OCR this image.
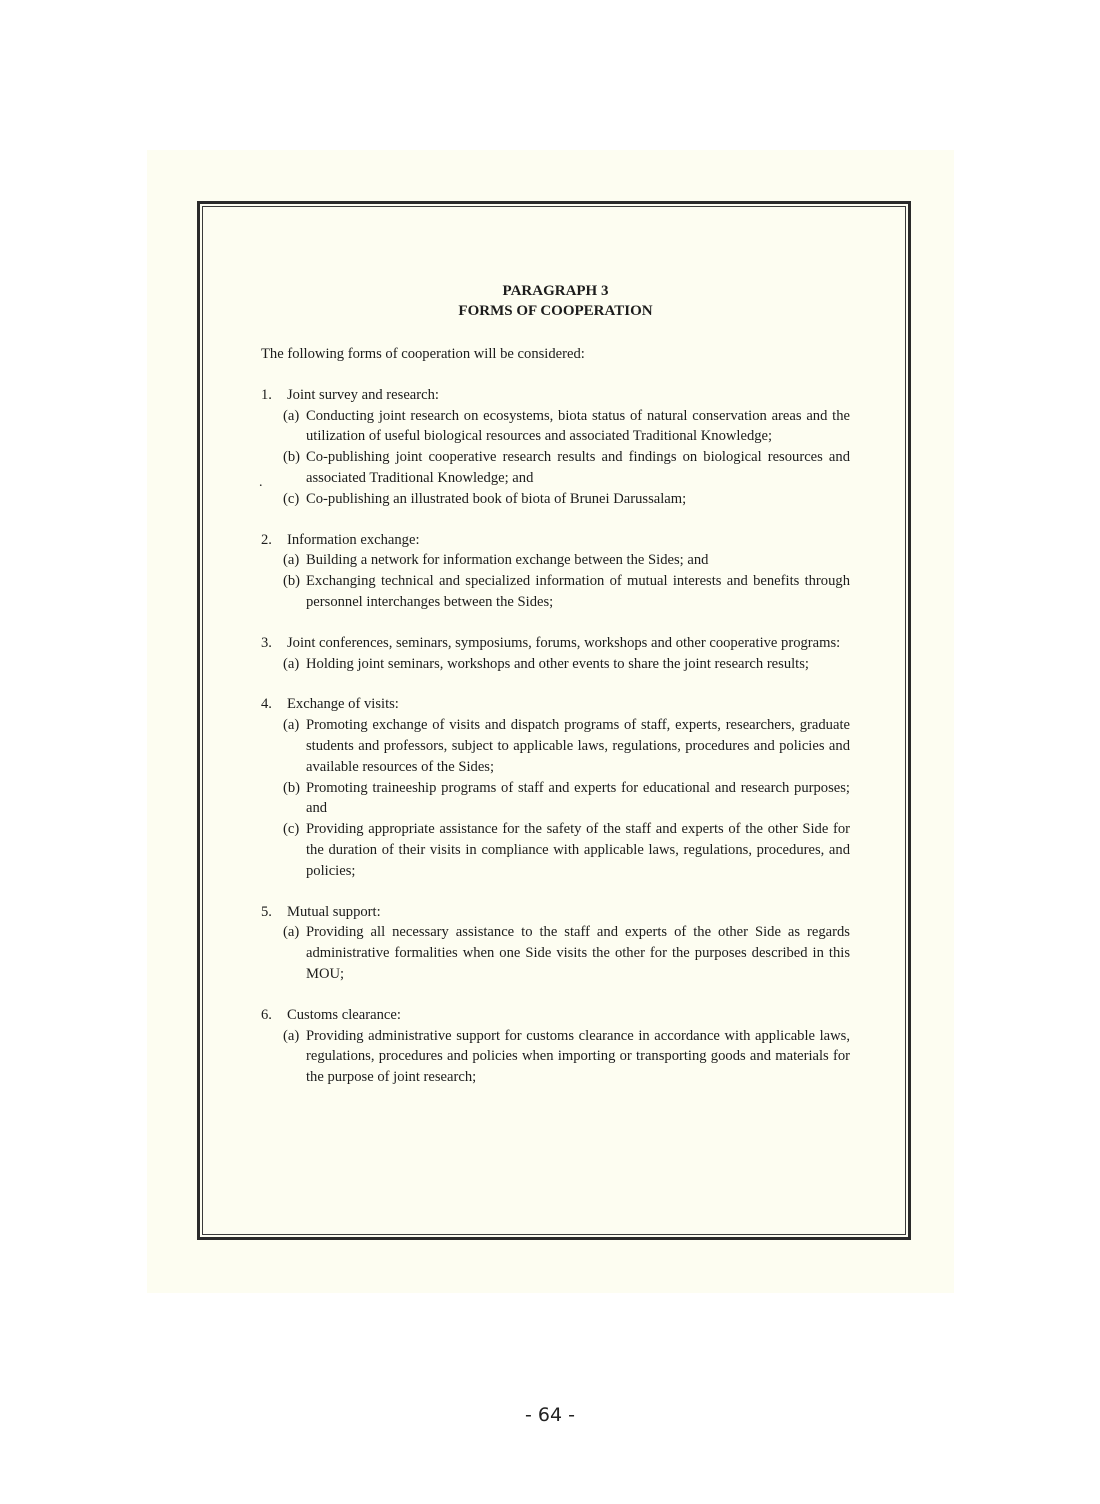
.
PARAGRAPH 3
FORMS OF COOPERATION
The following forms of cooperation will be considered:
1.	Joint survey and research:
(a) Conducting joint research on ecosystems, biota status of natural conservation areas and the utilization of useful biological resources and associated Traditional Knowledge;
(b) Co-publishing joint cooperative research results and findings on biological resources and associated Traditional Knowledge; and
(c) Co-publishing an illustrated book of biota of Brunei Darussalam;
2.	Information exchange:
(a) Building a network for information exchange between the Sides; and
(b) Exchanging technical and specialized information of mutual interests and benefits through personnel interchanges between the Sides;
3.	Joint conferences, seminars, symposiums, forums, workshops and other cooperative programs:
(a) Holding joint seminars, workshops and other events to share the joint research results;
4.	Exchange of visits:
(a) Promoting exchange of visits and dispatch programs of staff, experts, researchers, graduate students and professors, subject to applicable laws, regulations, procedures and policies and available resources of the Sides;
(b) Promoting traineeship programs of staff and experts for educational and research purposes; and
(c) Providing appropriate assistance for the safety of the staff and experts of the other Side for the duration of their visits in compliance with applicable laws, regulations, procedures, and policies;
5.	Mutual support:
(a) Providing all necessary assistance to the staff and experts of the other Side as regards administrative formalities when one Side visits the other for the purposes described in this MOU;
6.	Customs clearance:
(a) Providing administrative support for customs clearance in accordance with applicable laws, regulations, procedures and policies when importing or transporting goods and materials for the purpose of joint research;
- 64 -
